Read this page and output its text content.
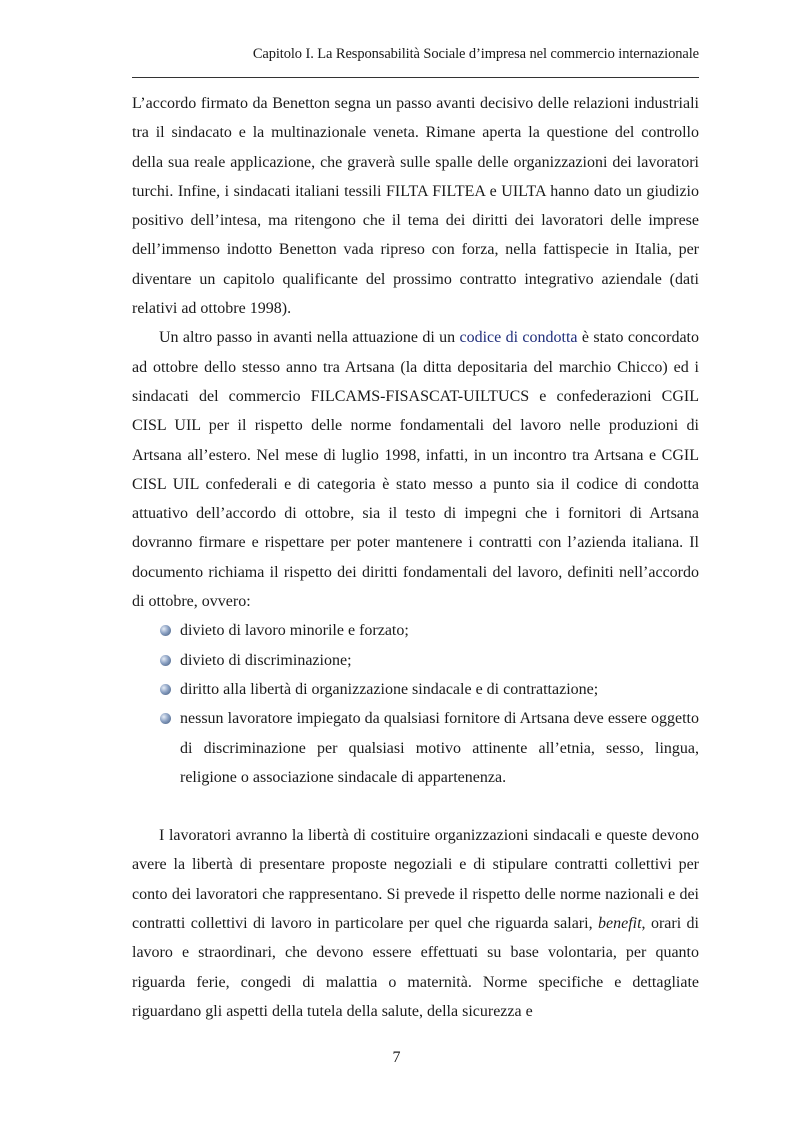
Capitolo I. La Responsabilità Sociale d’impresa nel commercio internazionale

L’accordo firmato da Benetton segna un passo avanti decisivo delle relazioni industriali tra il sindacato e la multinazionale veneta. Rimane aperta la questione del controllo della sua reale applicazione, che graverà sulle spalle delle organizzazioni dei lavoratori turchi. Infine, i sindacati italiani tessili FILTA FILTEA e UILTA hanno dato un giudizio positivo dell’intesa, ma ritengono che il tema dei diritti dei lavoratori delle imprese dell’immenso indotto Benetton vada ripreso con forza, nella fattispecie in Italia, per diventare un capitolo qualificante del prossimo contratto integrativo aziendale (dati relativi ad ottobre 1998).

Un altro passo in avanti nella attuazione di un codice di condotta è stato concordato ad ottobre dello stesso anno tra Artsana (la ditta depositaria del marchio Chicco) ed i sindacati del commercio FILCAMS-FISASCAT-UILTUCS e confederazioni CGIL CISL UIL per il rispetto delle norme fondamentali del lavoro nelle produzioni di Artsana all’estero. Nel mese di luglio 1998, infatti, in un incontro tra Artsana e CGIL CISL UIL confederali e di categoria è stato messo a punto sia il codice di condotta attuativo dell’accordo di ottobre, sia il testo di impegni che i fornitori di Artsana dovranno firmare e rispettare per poter mantenere i contratti con l’azienda italiana. Il documento richiama il rispetto dei diritti fondamentali del lavoro, definiti nell’accordo di ottobre, ovvero:

divieto di lavoro minorile e forzato;
divieto di discriminazione;
diritto alla libertà di organizzazione sindacale e di contrattazione;
nessun lavoratore impiegato da qualsiasi fornitore di Artsana deve essere oggetto di discriminazione per qualsiasi motivo attinente all’etnia, sesso, lingua, religione o associazione sindacale di appartenenza.

I lavoratori avranno la libertà di costituire organizzazioni sindacali e queste devono avere la libertà di presentare proposte negoziali e di stipulare contratti collettivi per conto dei lavoratori che rappresentano. Si prevede il rispetto delle norme nazionali e dei contratti collettivi di lavoro in particolare per quel che riguarda salari, benefit, orari di lavoro e straordinari, che devono essere effettuati su base volontaria, per quanto riguarda ferie, congedi di malattia o maternità. Norme specifiche e dettagliate riguardano gli aspetti della tutela della salute, della sicurezza e

7
